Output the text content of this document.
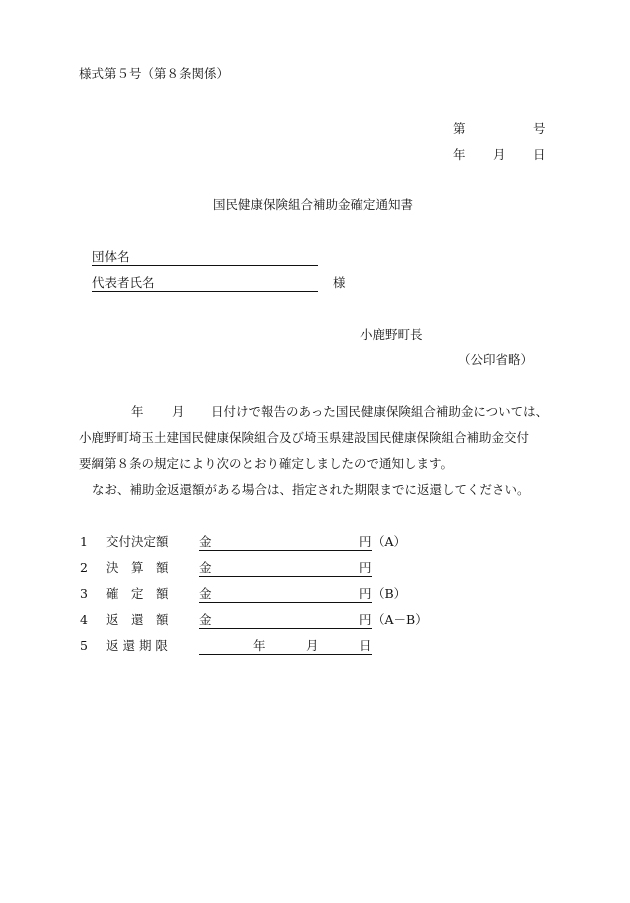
様式第５号（第８条関係）
第	号
年 月 日
国民健康保険組合補助金確定通知書
団体名
代表者氏名	様
小鹿野町長
（公印省略）
年 月 日付けで報告のあった国民健康保険組合補助金については、
小鹿野町埼玉土建国民健康保険組合及び埼玉県建設国民健康保険組合補助金交付
要綱第８条の規定により次のとおり確定しましたので通知します。
なお、補助金返還額がある場合は、指定された期限までに返還してください。
1 交付決定額 金	円 （A）
2 決　算　額 金	円
3 確　定　額 金	円 （B）
4 返　還　額 金	円 （A－B）
5 返 還 期 限	年	月	日
